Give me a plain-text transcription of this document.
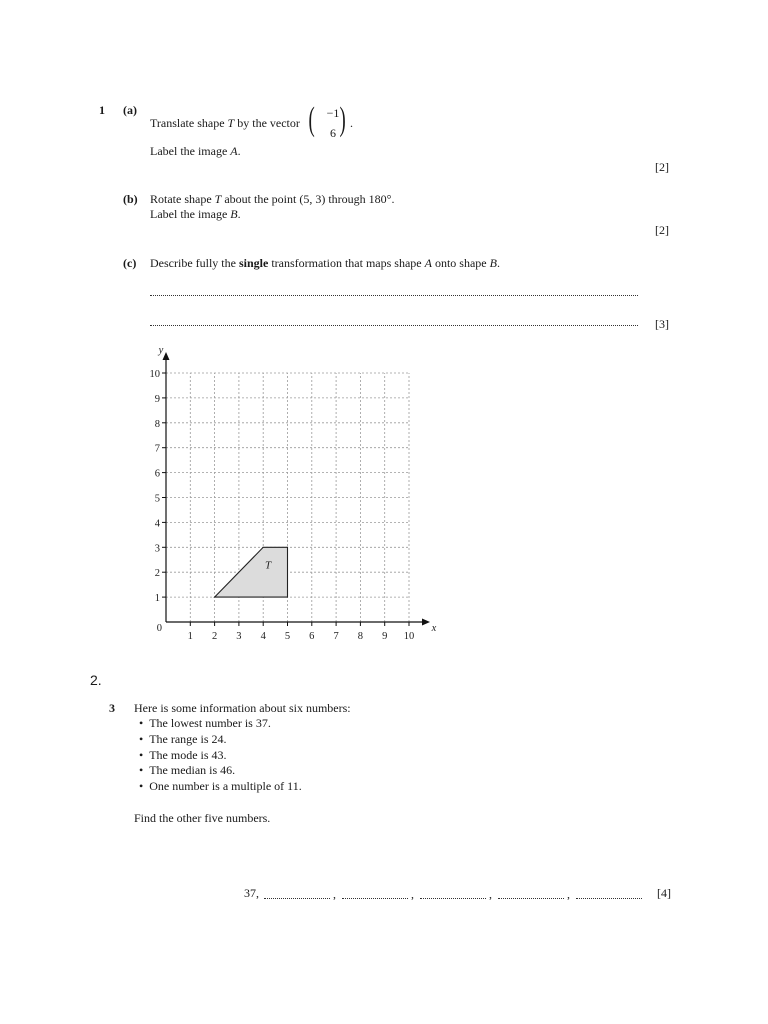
1 (a)
Translate shape T by the vector ( −1
6 ) .
Label the image A.
[2]
(b) Rotate shape T about the point (5, 3) through 180°.
Label the image B.
[2]
(c) Describe fully the single transformation that maps shape A onto shape B.
[3]
T
1 2 3 4 5 6 7 8 9 10
1
2
3
4
5
6
7
8
9
10
0	x
y
2.
3 Here is some information about six numbers:
•  The lowest number is 37.
•  The range is 24.
•  The mode is 43.
•  The median is 46.
•  One number is a multiple of 11.
Find the other five numbers.
37,	,	,	,	,	[4]
